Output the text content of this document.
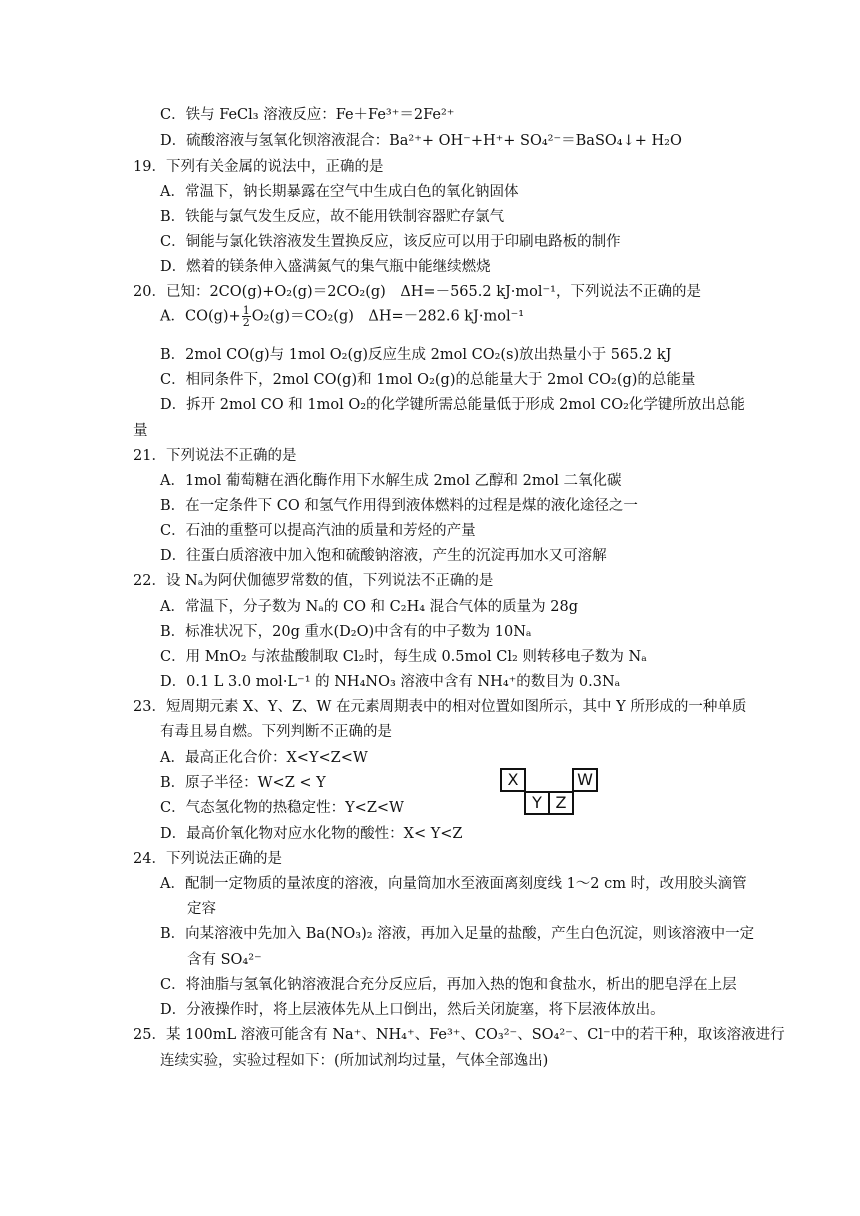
C．铁与 FeCl₃ 溶液反应：Fe＋Fe³⁺＝2Fe²⁺
D．硫酸溶液与氢氧化钡溶液混合：Ba²⁺+ OH⁻+H⁺+ SO₄²⁻＝BaSO₄↓+ H₂O
19．下列有关金属的说法中，正确的是
A．常温下，钠长期暴露在空气中生成白色的氧化钠固体
B．铁能与氯气发生反应，故不能用铁制容器贮存氯气
C．铜能与氯化铁溶液发生置换反应，该反应可以用于印刷电路板的制作
D．燃着的镁条伸入盛满氮气的集气瓶中能继续燃烧
20．已知：2CO(g)+O₂(g)＝2CO₂(g)　ΔH=－565.2 kJ·mol⁻¹，下列说法不正确的是
B．2mol CO(g)与 1mol O₂(g)反应生成 2mol CO₂(s)放出热量小于 565.2 kJ
C．相同条件下，2mol CO(g)和 1mol O₂(g)的总能量大于 2mol CO₂(g)的总能量
D．拆开 2mol CO 和 1mol O₂的化学键所需总能量低于形成 2mol CO₂化学键所放出总能
量
21．下列说法不正确的是
A．1mol 葡萄糖在酒化酶作用下水解生成 2mol 乙醇和 2mol 二氧化碳
B．在一定条件下 CO 和氢气作用得到液体燃料的过程是煤的液化途径之一
C．石油的重整可以提高汽油的质量和芳烃的产量
D．往蛋白质溶液中加入饱和硫酸钠溶液，产生的沉淀再加水又可溶解
22．设 Nₐ为阿伏伽德罗常数的值，下列说法不正确的是
A．常温下，分子数为 Nₐ的 CO 和 C₂H₄ 混合气体的质量为 28g
B．标准状况下，20g 重水(D₂O)中含有的中子数为 10Nₐ
C．用 MnO₂ 与浓盐酸制取 Cl₂时，每生成 0.5mol Cl₂ 则转移电子数为 Nₐ
D．0.1 L 3.0 mol·L⁻¹ 的 NH₄NO₃ 溶液中含有 NH₄⁺的数目为 0.3Nₐ
23．短周期元素 X、Y、Z、W 在元素周期表中的相对位置如图所示，其中 Y 所形成的一种单质
有毒且易自燃。下列判断不正确的是
A．最高正化合价：X<Y<Z<W
B．原子半径：W<Z < Y
C．气态氢化物的热稳定性：Y<Z<W
D．最高价氧化物对应水化物的酸性：X< Y<Z
24．下列说法正确的是
A．配制一定物质的量浓度的溶液，向量筒加水至液面离刻度线 1～2 cm 时，改用胶头滴管
定容
B．向某溶液中先加入 Ba(NO₃)₂ 溶液，再加入足量的盐酸，产生白色沉淀，则该溶液中一定
含有 SO₄²⁻
C．将油脂与氢氧化钠溶液混合充分反应后，再加入热的饱和食盐水，析出的肥皂浮在上层
D．分液操作时，将上层液体先从上口倒出，然后关闭旋塞，将下层液体放出。
25．某 100mL 溶液可能含有 Na⁺、NH₄⁺、Fe³⁺、CO₃²⁻、SO₄²⁻、Cl⁻中的若干种，取该溶液进行
连续实验，实验过程如下：(所加试剂均过量，气体全部逸出)
A．$CO(g)+ \frac{1}{2} O_2(g)=CO_2(g)$　ΔH=－282.6 kJ·mol⁻¹
X	W
Y Z
